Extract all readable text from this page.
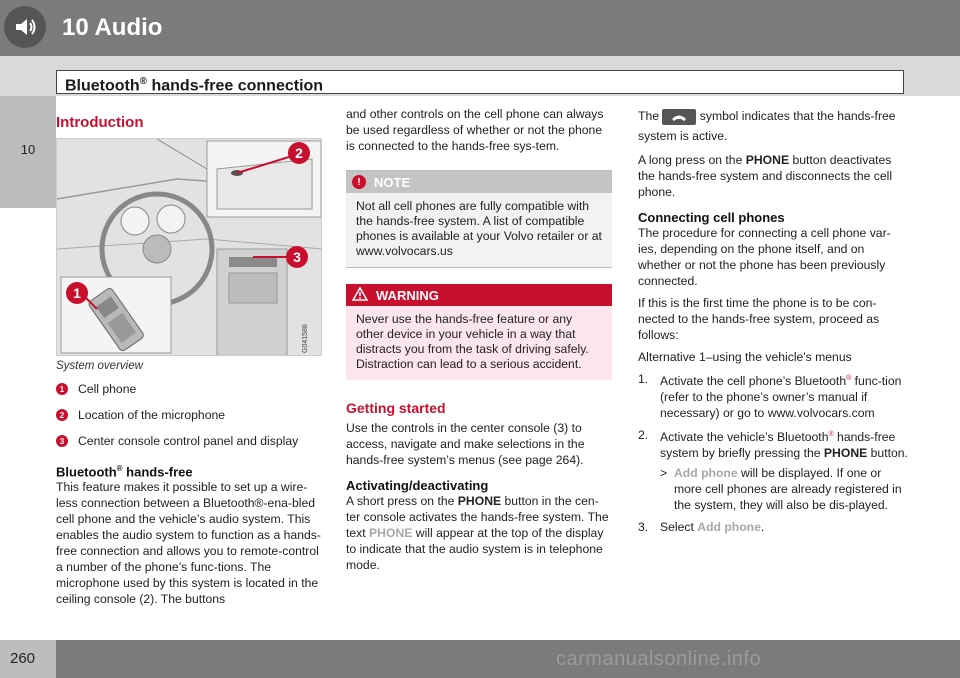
10 Audio
Bluetooth® hands-free connection
10
Introduction
2
3
1
G041588
System overview
1	Cell phone
2	Location of the microphone
3	Center console control panel and display
Bluetooth® hands-free
This feature makes it possible to set up a wire-less connection between a Bluetooth®-ena-bled cell phone and the vehicle’s audio system. This enables the audio system to function as a hands-free connection and allows you to remote-control a number of the phone’s func-tions. The microphone used by this system is located in the ceiling console (2). The buttons
and other controls on the cell phone can always be used regardless of whether or not the phone is connected to the hands-free sys-tem.
!	NOTE
Not all cell phones are fully compatible with the hands-free system. A list of compatible phones is available at your Volvo retailer or at www.volvocars.us
WARNING
Never use the hands-free feature or any other device in your vehicle in a way that distracts you from the task of driving safely. Distraction can lead to a serious accident.
Getting started
Use the controls in the center console (3) to access, navigate and make selections in the hands-free system’s menus (see page 264).
Activating/deactivating
A short press on the PHONE button in the cen-ter console activates the hands-free system. The text PHONE will appear at the top of the display to indicate that the audio system is in telephone mode.
The	symbol indicates that the hands-free system is active.
A long press on the PHONE button deactivates the hands-free system and disconnects the cell phone.
Connecting cell phones
The procedure for connecting a cell phone var-ies, depending on the phone itself, and on whether or not the phone has been previously connected.
If this is the first time the phone is to be con-nected to the hands-free system, proceed as follows:
Alternative 1–using the vehicle's menus
1. Activate the cell phone’s Bluetooth® func-tion (refer to the phone’s owner’s manual if necessary) or go to www.volvocars.com
2. Activate the vehicle’s Bluetooth® hands-free system by briefly pressing the PHONE button.
> Add phone will be displayed. If one or more cell phones are already registered in the system, they will also be dis-played.
3. Select Add phone.
260	carmanualsonline.info
